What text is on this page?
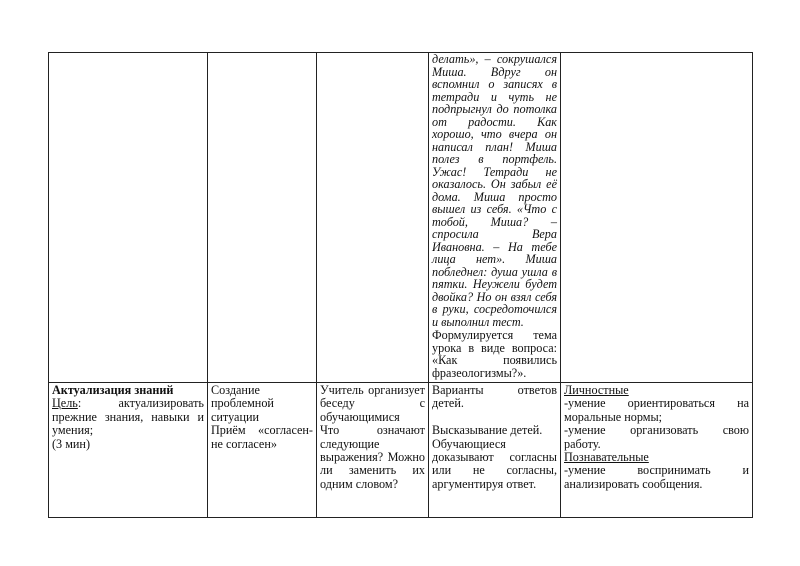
делать», – сокрушался
Миша. Вдруг он
вспомнил о записях в
тетради и чуть не
подпрыгнул до потолка
от радости. Как
хорошо, что вчера он
написал план! Миша
полез в портфель.
Ужас! Тетради не
оказалось. Он забыл её
дома. Миша просто
вышел из себя. «Что с
тобой, Миша? –
спросила Вера
Ивановна. – На тебе
лица нет». Миша
побледнел: душа ушла в
пятки. Неужели будет
двойка? Но он взял себя
в руки, сосредоточился
и выполнил тест.
Формулируется тема
урока в виде вопроса:
«Как появились
фразеологизмы?».
Актуализация знаний
Цель: актуализировать
прежние знания, навыки и
умения;
(3 мин)
Создание
проблемной
ситуации
Приём «согласен-
не согласен»
Учитель организует
беседу с
обучающимися
Что означают
следующие
выражения? Можно
ли заменить их
одним словом?
Варианты ответов
детей.
Высказывание детей.
Обучающиеся
доказывают согласны
или не согласны,
аргументируя ответ.
Личностные
-умение ориентироваться на
моральные нормы;
-умение организовать свою
работу.
Познавательные
-умение воспринимать и
анализировать сообщения.
